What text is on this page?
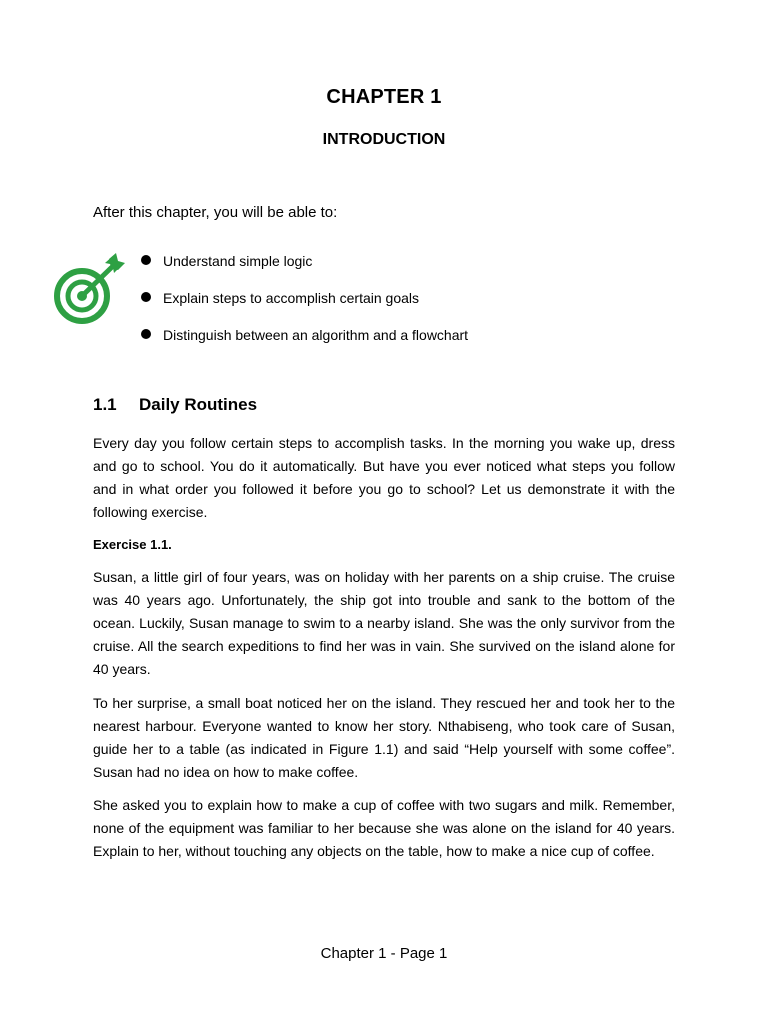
CHAPTER 1
INTRODUCTION
After this chapter, you will be able to:
Understand simple logic
Explain steps to accomplish certain goals
Distinguish between an algorithm and a flowchart
1.1 Daily Routines

Every day you follow certain steps to accomplish tasks. In the morning you wake up, dress and go to school. You do it automatically. But have you ever noticed what steps you follow and in what order you followed it before you go to school? Let us demonstrate it with the following exercise.

Exercise 1.1.

Susan, a little girl of four years, was on holiday with her parents on a ship cruise. The cruise was 40 years ago. Unfortunately, the ship got into trouble and sank to the bottom of the ocean. Luckily, Susan manage to swim to a nearby island. She was the only survivor from the cruise. All the search expeditions to find her was in vain. She survived on the island alone for 40 years.

To her surprise, a small boat noticed her on the island. They rescued her and took her to the nearest harbour. Everyone wanted to know her story. Nthabiseng, who took care of Susan, guide her to a table (as indicated in Figure 1.1) and said “Help yourself with some coffee”. Susan had no idea on how to make coffee.

She asked you to explain how to make a cup of coffee with two sugars and milk. Remember, none of the equipment was familiar to her because she was alone on the island for 40 years. Explain to her, without touching any objects on the table, how to make a nice cup of coffee.

Chapter 1 - Page 1
